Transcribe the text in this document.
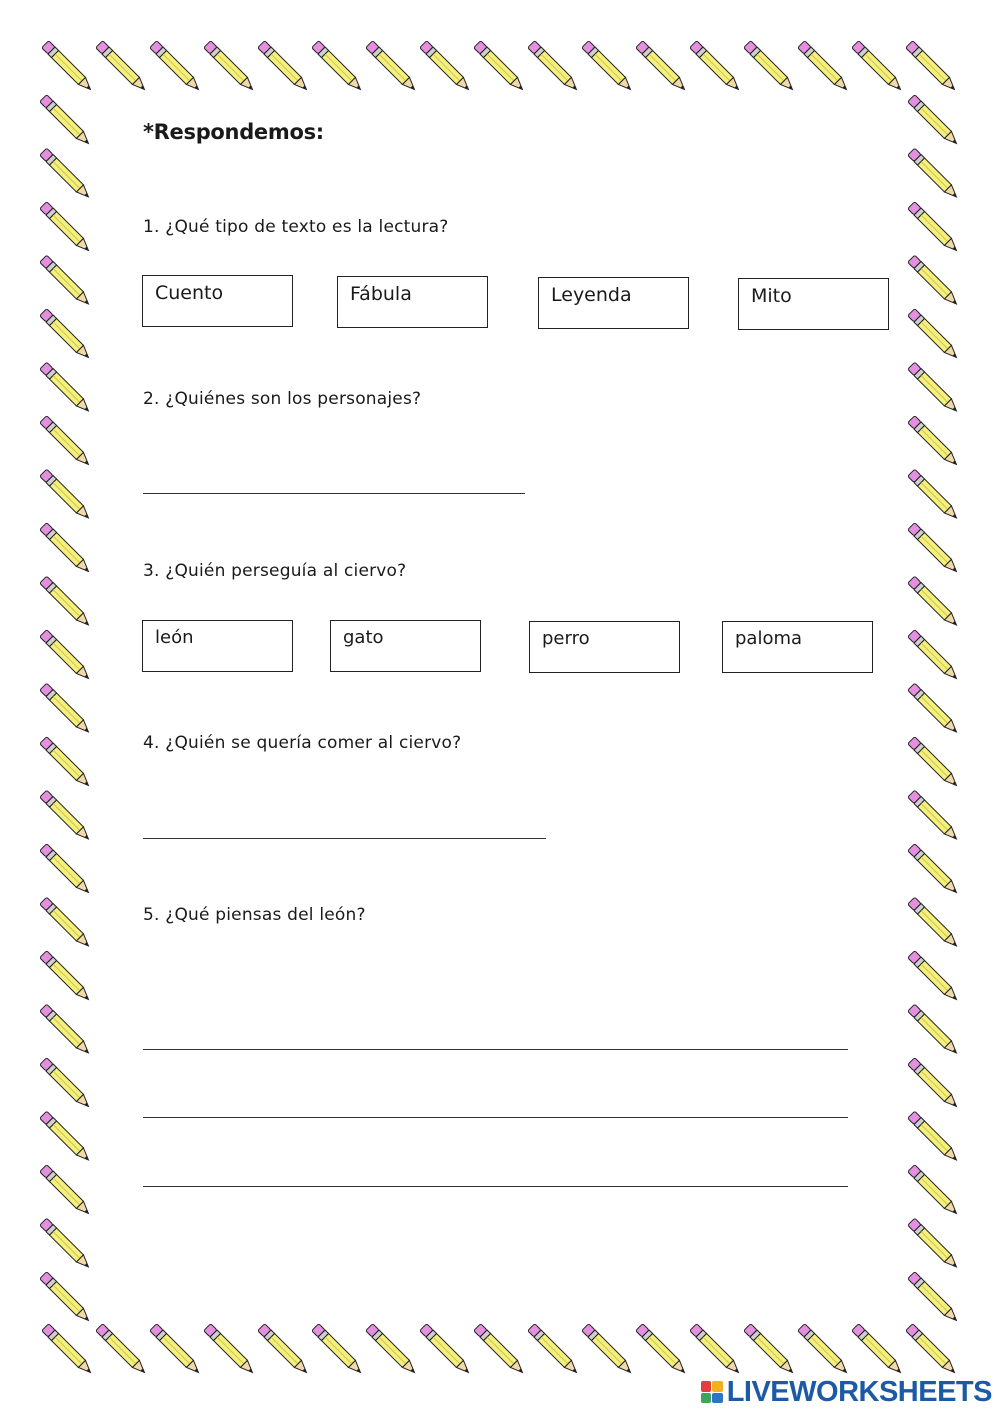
*Respondemos:
1. ¿Qué tipo de texto es la lectura?
Cuento	Fábula	Leyenda	Mito
2. ¿Quiénes son los personajes?
3. ¿Quién perseguía al ciervo?
león	gato	perro	paloma
4. ¿Quién se quería comer al ciervo?
5. ¿Qué piensas del león?
LIVEWORKSHEETS
